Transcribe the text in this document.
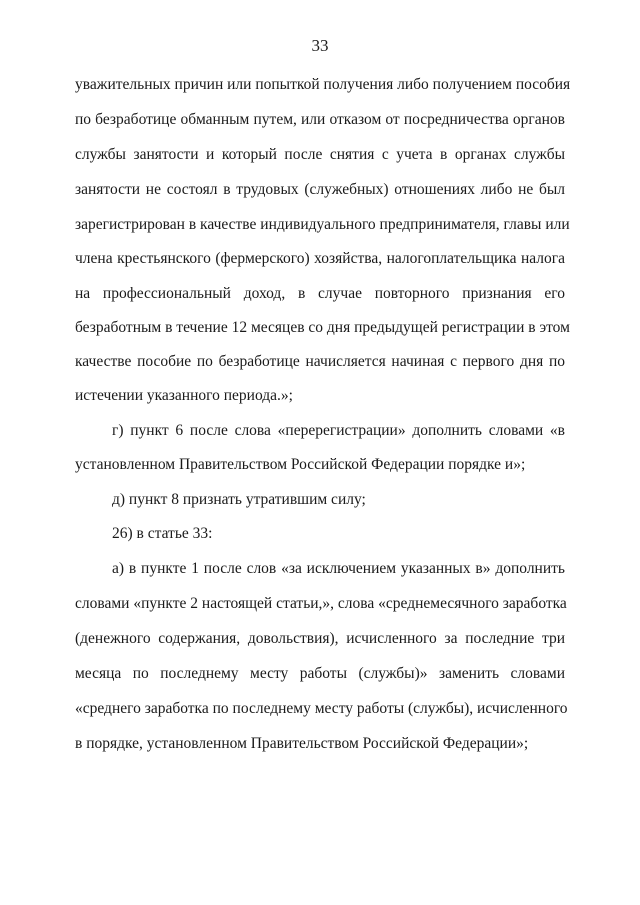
33
уважительных причин или попыткой получения либо получением пособия
по безработице обманным путем, или отказом от посредничества органов
службы занятости и который после снятия с учета в органах службы
занятости не состоял в трудовых (служебных) отношениях либо не был
зарегистрирован в качестве индивидуального предпринимателя, главы или
члена крестьянского (фермерского) хозяйства, налогоплательщика налога
на профессиональный доход, в случае повторного признания его
безработным в течение 12 месяцев со дня предыдущей регистрации в этом
качестве пособие по безработице начисляется начиная с первого дня по
истечении указанного периода.»;
г) пункт 6 после слова «перерегистрации» дополнить словами «в
установленном Правительством Российской Федерации порядке и»;
д) пункт 8 признать утратившим силу;
26) в статье 33:
а) в пункте 1 после слов «за исключением указанных в» дополнить
словами «пункте 2 настоящей статьи,», слова «среднемесячного заработка
(денежного содержания, довольствия), исчисленного за последние три
месяца по последнему месту работы (службы)» заменить словами
«среднего заработка по последнему месту работы (службы), исчисленного
в порядке, установленном Правительством Российской Федерации»;
